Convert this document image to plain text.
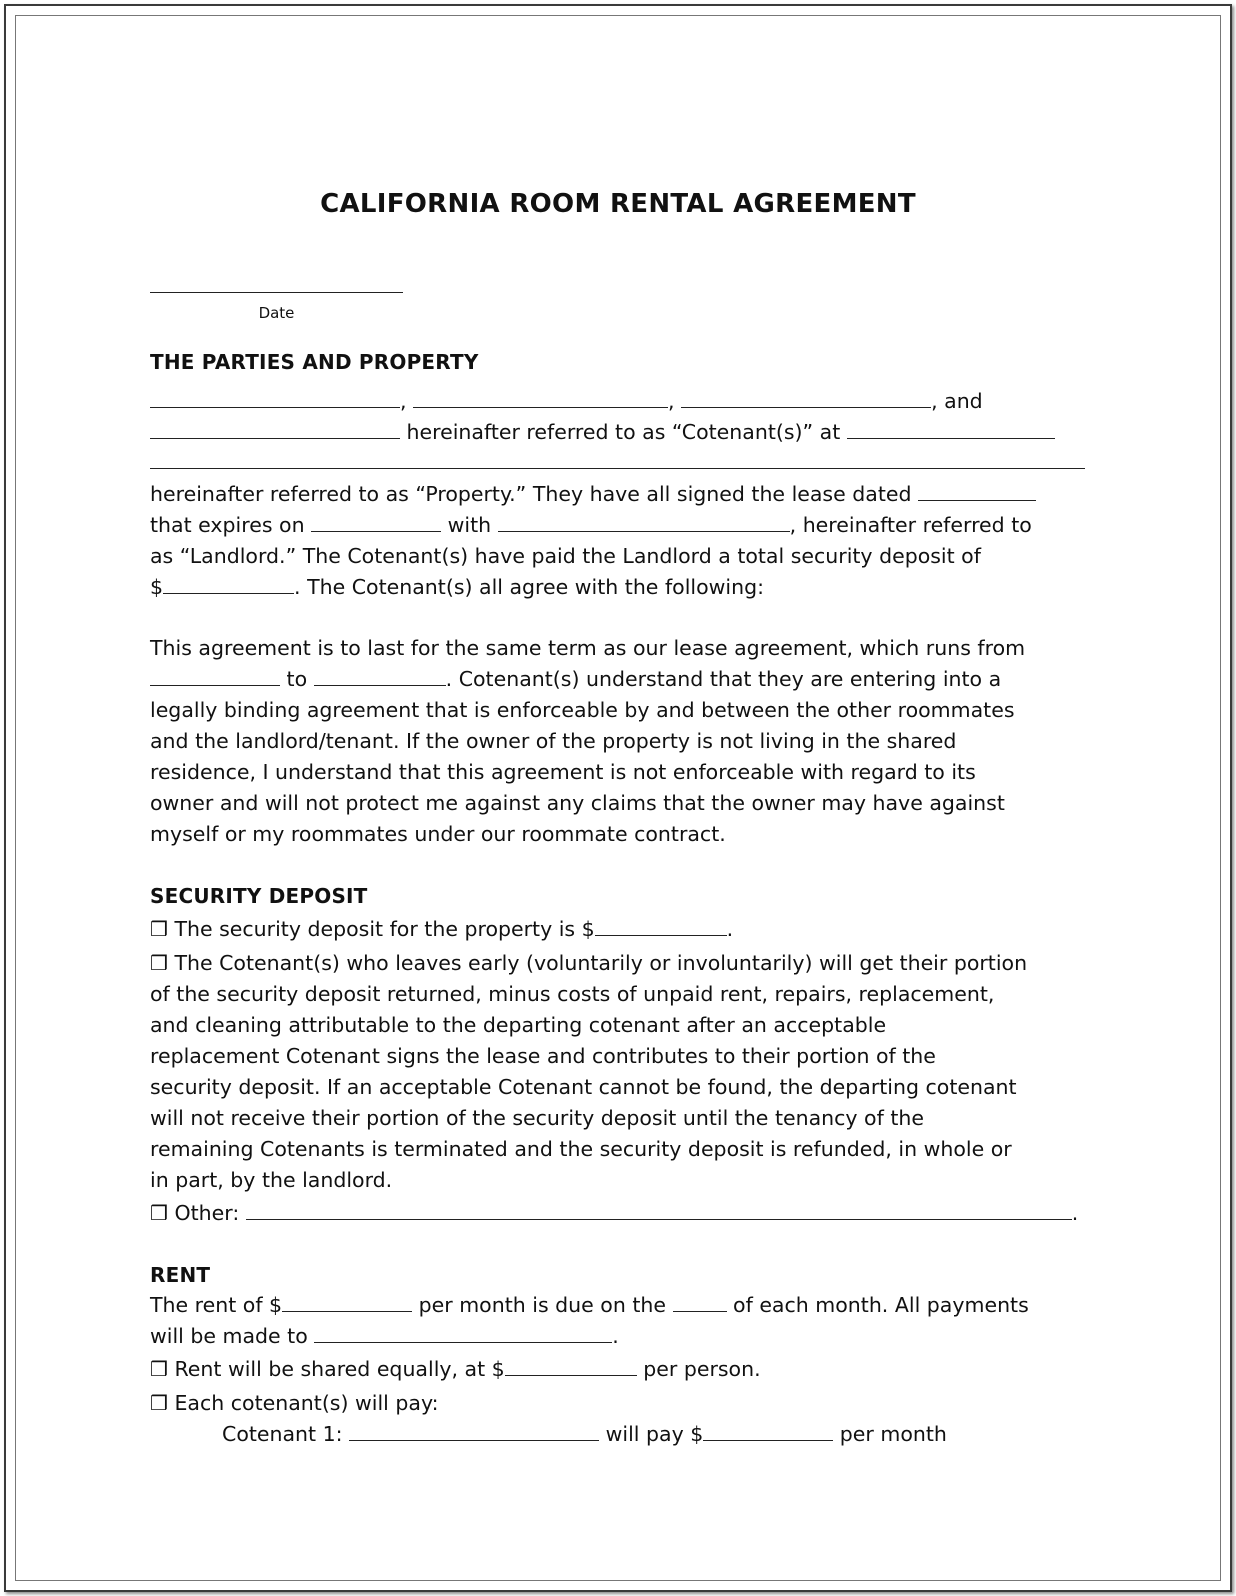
CALIFORNIA ROOM RENTAL AGREEMENT
Date
THE PARTIES AND PROPERTY
,	,	, and
hereinafter referred to as “Cotenant(s)” at
hereinafter referred to as “Property.” They have all signed the lease dated
that expires on	with	, hereinafter referred to
as “Landlord.” The Cotenant(s) have paid the Landlord a total security deposit of
$	. The Cotenant(s) all agree with the following:
This agreement is to last for the same term as our lease agreement, which runs from
to	. Cotenant(s) understand that they are entering into a
legally binding agreement that is enforceable by and between the other roommates
and the landlord/tenant. If the owner of the property is not living in the shared
residence, I understand that this agreement is not enforceable with regard to its
owner and will not protect me against any claims that the owner may have against
myself or my roommates under our roommate contract.
SECURITY DEPOSIT
❒ The security deposit for the property is $	.
❒ The Cotenant(s) who leaves early (voluntarily or involuntarily) will get their portion
of the security deposit returned, minus costs of unpaid rent, repairs, replacement,
and cleaning attributable to the departing cotenant after an acceptable
replacement Cotenant signs the lease and contributes to their portion of the
security deposit. If an acceptable Cotenant cannot be found, the departing cotenant
will not receive their portion of the security deposit until the tenancy of the
remaining Cotenants is terminated and the security deposit is refunded, in whole or
in part, by the landlord.
❒ Other:	.
RENT
The rent of $	per month is due on the	of each month. All payments
will be made to	.
❒ Rent will be shared equally, at $	per person.
❒ Each cotenant(s) will pay:
Cotenant 1:	will pay $	per month
